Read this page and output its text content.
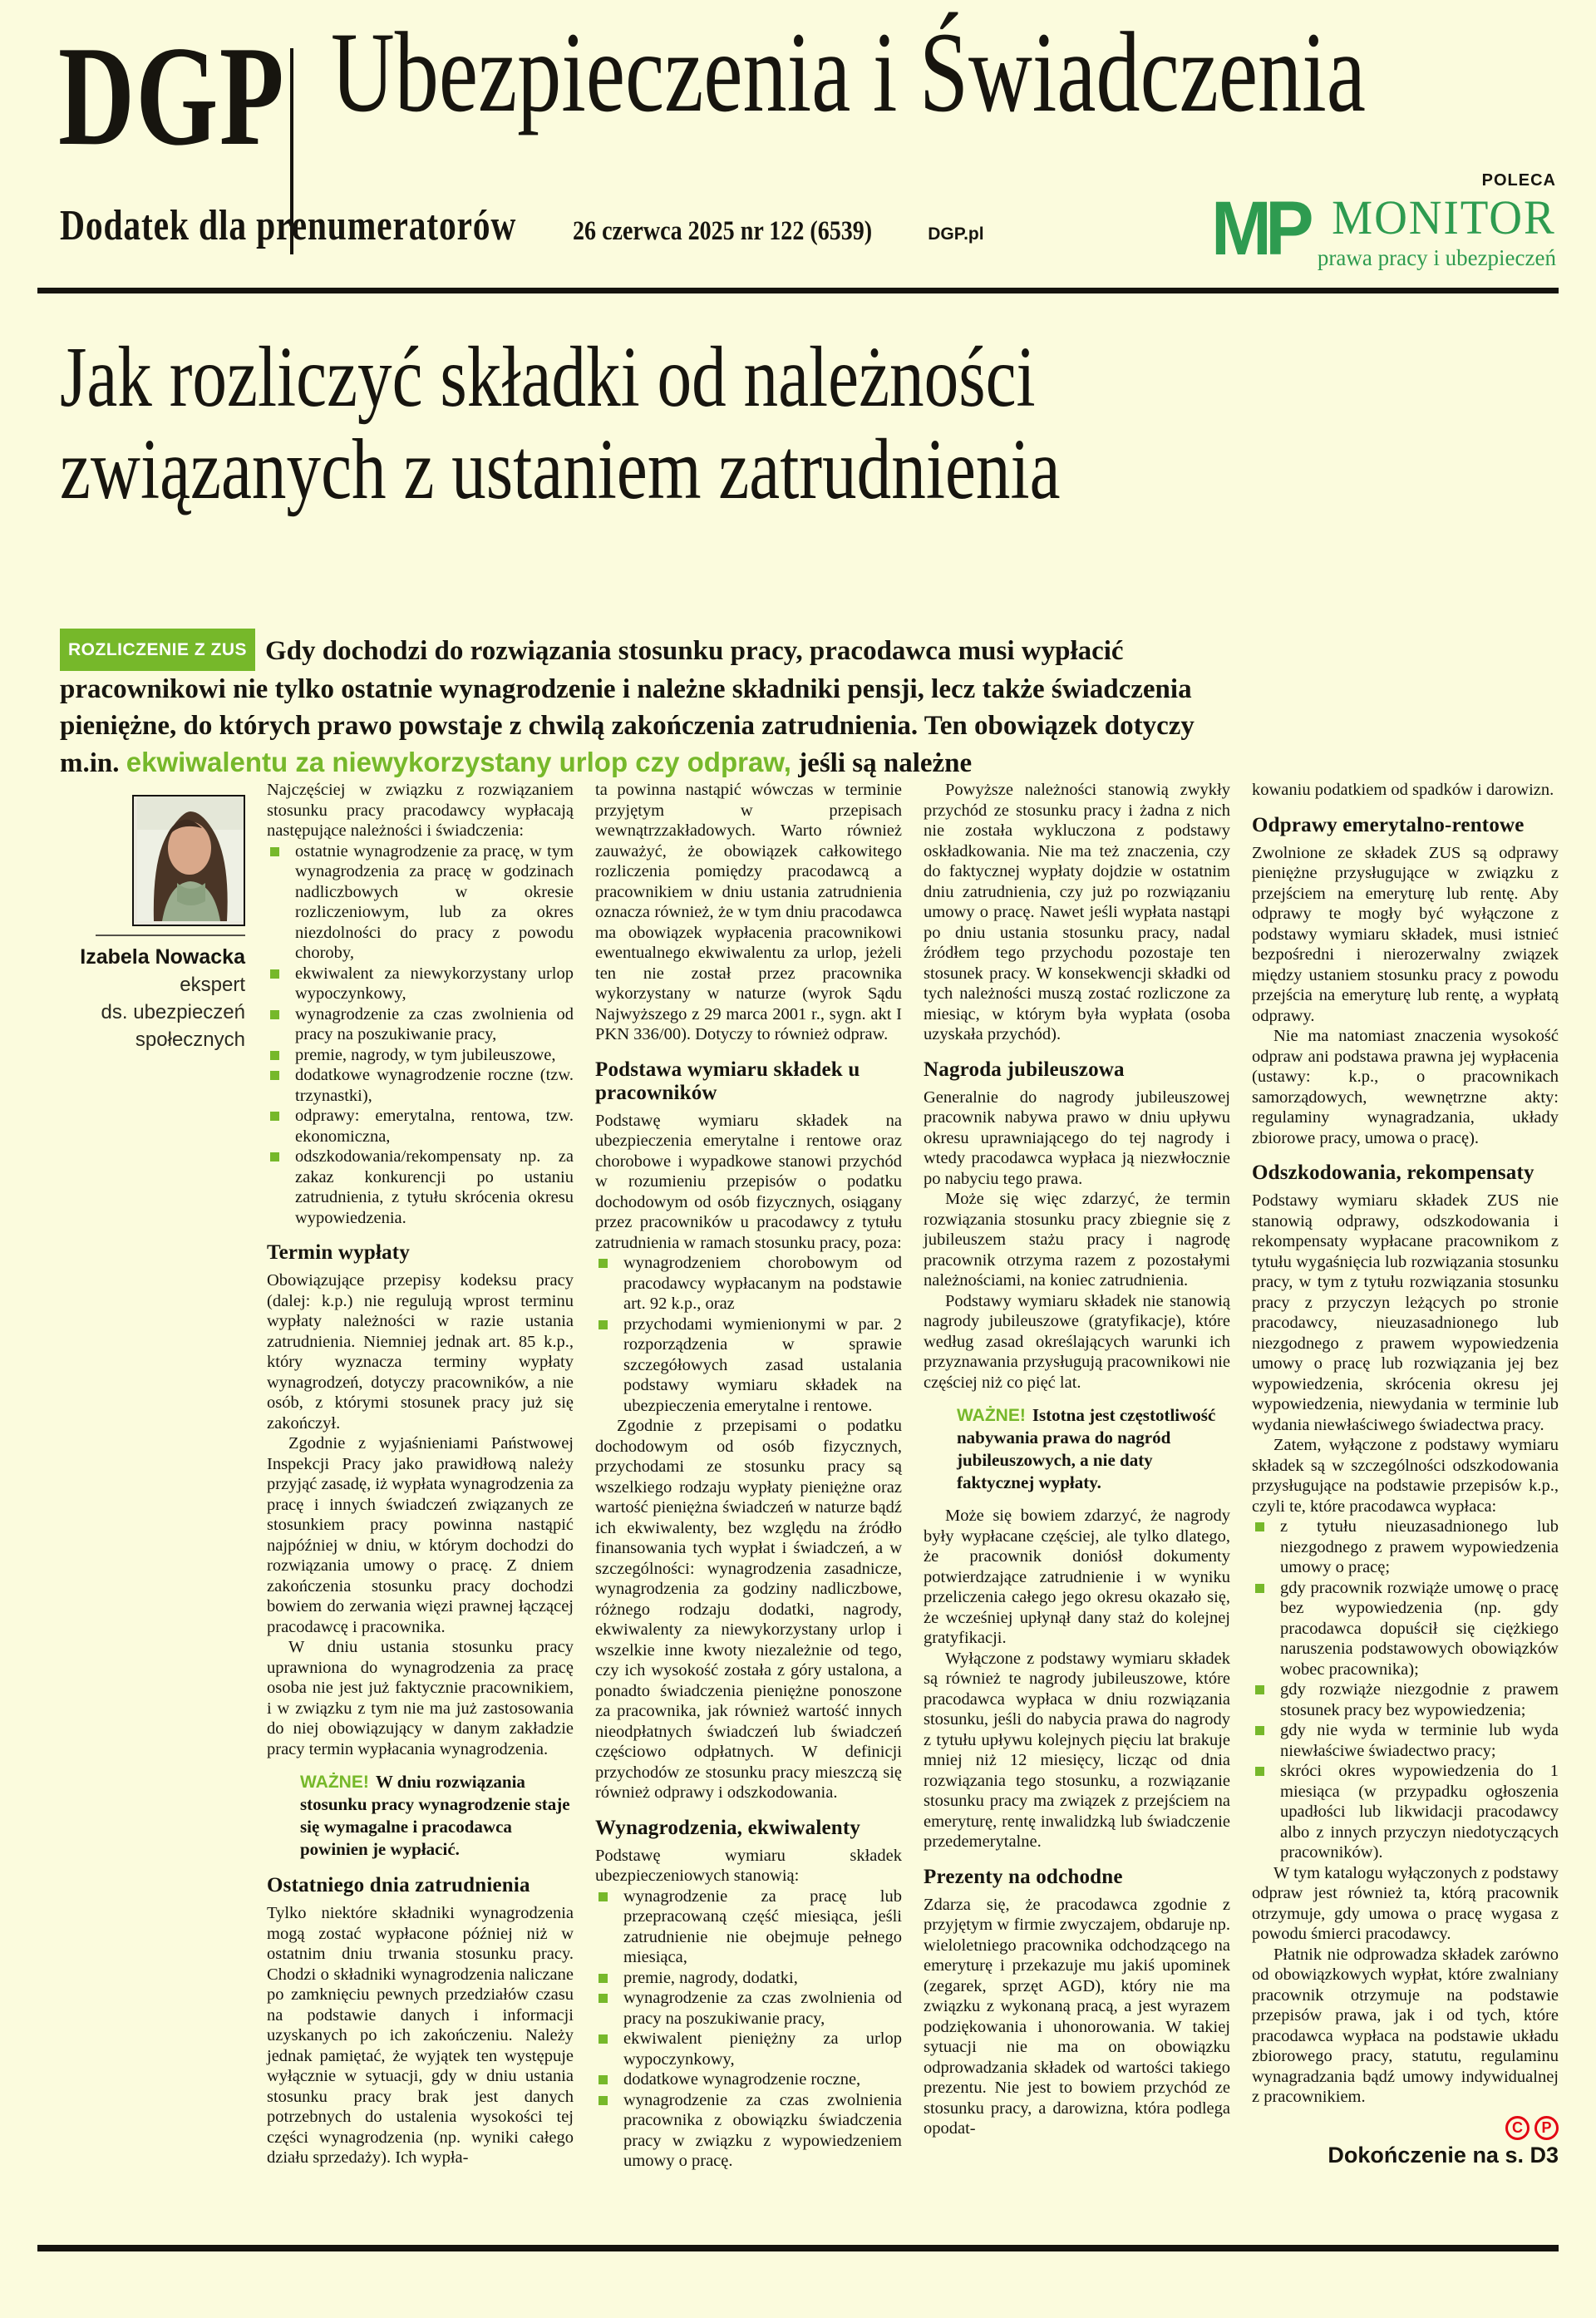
DGP Ubezpieczenia i Świadczenia
Dodatek dla prenumeratorów 26 czerwca 2025 nr 122 (6539)	DGP.pl
POLECA
MP MONITOR
prawa pracy i ubezpieczeń
Jak rozliczyć składki od należności
związanych z ustaniem zatrudnienia
ROZLICZENIE Z ZUS Gdy dochodzi do rozwiązania stosunku pracy, pracodawca musi wypłacić pracownikowi nie tylko ostatnie wynagrodzenie i należne składniki pensji, lecz także świadczenia pieniężne, do których prawo powstaje z chwilą zakończenia zatrudnienia. Ten obowiązek dotyczy m.in. ekwiwalentu za niewykorzystany urlop czy odpraw, jeśli są należne
Izabela Nowacka
ekspert
ds. ubezpieczeń
społecznych

Najczęściej w związku z rozwiązaniem stosunku pracy pracodawcy wypłacają następujące należności i świadczenia:

ostatnie wynagrodzenie za pracę, w tym wynagrodzenia za pracę w godzinach nadliczbowych w okresie rozliczeniowym, lub za okres niezdolności do pracy z powodu choroby,
ekwiwalent za niewykorzystany urlop wypoczynkowy,
wynagrodzenie za czas zwolnienia od pracy na poszukiwanie pracy,
premie, nagrody, w tym jubileuszowe,
dodatkowe wynagrodzenie roczne (tzw. trzynastki),
odprawy: emerytalna, rentowa, tzw. ekonomiczna,
odszkodowania/rekompensaty np. za zakaz konkurencji po ustaniu zatrudnienia, z tytułu skrócenia okresu wypowiedzenia.
Termin wypłaty

Obowiązujące przepisy kodeksu pracy (dalej: k.p.) nie regulują wprost terminu wypłaty należności w razie ustania zatrudnienia. Niemniej jednak art. 85 k.p., który wyznacza terminy wypłaty wynagrodzeń, dotyczy pracowników, a nie osób, z którymi stosunek pracy już się zakończył.

Zgodnie z wyjaśnieniami Państwowej Inspekcji Pracy jako prawidłową należy przyjąć zasadę, iż wypłata wynagrodzenia za pracę i innych świadczeń związanych ze stosunkiem pracy powinna nastąpić najpóźniej w dniu, w którym dochodzi do rozwiązania umowy o pracę. Z dniem zakończenia stosunku pracy dochodzi bowiem do zerwania więzi prawnej łączącej pracodawcę i pracownika.

W dniu ustania stosunku pracy uprawniona do wynagrodzenia za pracę osoba nie jest już faktycznie pracownikiem, i w związku z tym nie ma już zastosowania do niej obowiązujący w danym zakładzie pracy termin wypłacania wynagrodzenia.

WAŻNE! W dniu rozwiązania stosunku pracy wynagrodzenie staje się wymagalne i pracodawca powinien je wypłacić.
Ostatniego dnia zatrudnienia

Tylko niektóre składniki wynagrodzenia mogą zostać wypłacone później niż w ostatnim dniu trwania stosunku pracy. Chodzi o składniki wynagrodzenia naliczane po zamknięciu pewnych przedziałów czasu na podstawie danych i informacji uzyskanych po ich zakończeniu. Należy jednak pamiętać, że wyjątek ten występuje wyłącznie w sytuacji, gdy w dniu ustania stosunku pracy brak jest danych potrzebnych do ustalenia wysokości tej części wynagrodzenia (np. wyniki całego działu sprzedaży). Ich wypła-

ta powinna nastąpić wówczas w terminie przyjętym w przepisach wewnątrzzakładowych. Warto również zauważyć, że obowiązek całkowitego rozliczenia pomiędzy pracodawcą a pracownikiem w dniu ustania zatrudnienia oznacza również, że w tym dniu pracodawca ma obowiązek wypłacenia pracownikowi ewentualnego ekwiwalentu za urlop, jeżeli ten nie został przez pracownika wykorzystany w naturze (wyrok Sądu Najwyższego z 29 marca 2001 r., sygn. akt I PKN 336/00). Dotyczy to również odpraw.

Podstawa wymiaru składek u pracowników

Podstawę wymiaru składek na ubezpieczenia emerytalne i rentowe oraz chorobowe i wypadkowe stanowi przychód w rozumieniu przepisów o podatku dochodowym od osób fizycznych, osiągany przez pracowników u pracodawcy z tytułu zatrudnienia w ramach stosunku pracy, poza:

wynagrodzeniem chorobowym od pracodawcy wypłacanym na podstawie art. 92 k.p., oraz
przychodami wymienionymi w par. 2 rozporządzenia w sprawie szczegółowych zasad ustalania podstawy wymiaru składek na ubezpieczenia emerytalne i rentowe.

Zgodnie z przepisami o podatku dochodowym od osób fizycznych, przychodami ze stosunku pracy są wszelkiego rodzaju wypłaty pieniężne oraz wartość pieniężna świadczeń w naturze bądź ich ekwiwalenty, bez względu na źródło finansowania tych wypłat i świadczeń, a w szczególności: wynagrodzenia zasadnicze, wynagrodzenia za godziny nadliczbowe, różnego rodzaju dodatki, nagrody, ekwiwalenty za niewykorzystany urlop i wszelkie inne kwoty niezależnie od tego, czy ich wysokość została z góry ustalona, a ponadto świadczenia pieniężne ponoszone za pracownika, jak również wartość innych nieodpłatnych świadczeń lub świadczeń częściowo odpłatnych. W definicji przychodów ze stosunku pracy mieszczą się również odprawy i odszkodowania.

Wynagrodzenia, ekwiwalenty

Podstawę wymiaru składek ubezpieczeniowych stanowią:

wynagrodzenie za pracę lub przepracowaną część miesiąca, jeśli zatrudnienie nie obejmuje pełnego miesiąca,
premie, nagrody, dodatki,
wynagrodzenie za czas zwolnienia od pracy na poszukiwanie pracy,
ekwiwalent pieniężny za urlop wypoczynkowy,
dodatkowe wynagrodzenie roczne,
wynagrodzenie za czas zwolnienia pracownika z obowiązku świadczenia pracy w związku z wypowiedzeniem umowy o pracę.

Powyższe należności stanowią zwykły przychód ze stosunku pracy i żadna z nich nie została wykluczona z podstawy oskładkowania. Nie ma też znaczenia, czy do faktycznej wypłaty dojdzie w ostatnim dniu zatrudnienia, czy już po rozwiązaniu umowy o pracę. Nawet jeśli wypłata nastąpi po dniu ustania stosunku pracy, nadal źródłem tego przychodu pozostaje ten stosunek pracy. W konsekwencji składki od tych należności muszą zostać rozliczone za miesiąc, w którym była wypłata (osoba uzyskała przychód).

Nagroda jubileuszowa

Generalnie do nagrody jubileuszowej pracownik nabywa prawo w dniu upływu okresu uprawniającego do tej nagrody i wtedy pracodawca wypłaca ją niezwłocznie po nabyciu tego prawa.

Może się więc zdarzyć, że termin rozwiązania stosunku pracy zbiegnie się z jubileuszem stażu pracy i nagrodę pracownik otrzyma razem z pozostałymi należnościami, na koniec zatrudnienia.

Podstawy wymiaru składek nie stanowią nagrody jubileuszowe (gratyfikacje), które według zasad określających warunki ich przyznawania przysługują pracownikowi nie częściej niż co pięć lat.

WAŻNE! Istotna jest częstotliwość nabywania prawa do nagród jubileuszowych, a nie daty faktycznej wypłaty.

Może się bowiem zdarzyć, że nagrody były wypłacane częściej, ale tylko dlatego, że pracownik doniósł dokumenty potwierdzające zatrudnienie i w wyniku przeliczenia całego jego okresu okazało się, że wcześniej upłynął dany staż do kolejnej gratyfikacji.

Wyłączone z podstawy wymiaru składek są również te nagrody jubileuszowe, które pracodawca wypłaca w dniu rozwiązania stosunku, jeśli do nabycia prawa do nagrody z tytułu upływu kolejnych pięciu lat brakuje mniej niż 12 miesięcy, licząc od dnia rozwiązania tego stosunku, a rozwiązanie stosunku pracy ma związek z przejściem na emeryturę, rentę inwalidzką lub świadczenie przedemerytalne.

Prezenty na odchodne

Zdarza się, że pracodawca zgodnie z przyjętym w firmie zwyczajem, obdaruje np. wieloletniego pracownika odchodzącego na emeryturę i przekazuje mu jakiś upominek (zegarek, sprzęt AGD), który nie ma związku z wykonaną pracą, a jest wyrazem podziękowania i uhonorowania. W takiej sytuacji nie ma on obowiązku odprowadzania składek od wartości takiego prezentu. Nie jest to bowiem przychód ze stosunku pracy, a darowizna, która podlega opodat-

kowaniu podatkiem od spadków i darowizn.

Odprawy emerytalno-rentowe

Zwolnione ze składek ZUS są odprawy pieniężne przysługujące w związku z przejściem na emeryturę lub rentę. Aby odprawy te mogły być wyłączone z podstawy wymiaru składek, musi istnieć bezpośredni i nierozerwalny związek między ustaniem stosunku pracy z powodu przejścia na emeryturę lub rentę, a wypłatą odprawy.

Nie ma natomiast znaczenia wysokość odpraw ani podstawa prawna jej wypłacenia (ustawy: k.p., o pracownikach samorządowych, wewnętrzne akty: regulaminy wynagradzania, układy zbiorowe pracy, umowa o pracę).

Odszkodowania, rekompensaty

Podstawy wymiaru składek ZUS nie stanowią odprawy, odszkodowania i rekompensaty wypłacane pracownikom z tytułu wygaśnięcia lub rozwiązania stosunku pracy, w tym z tytułu rozwiązania stosunku pracy z przyczyn leżących po stronie pracodawcy, nieuzasadnionego lub niezgodnego z prawem wypowiedzenia umowy o pracę lub rozwiązania jej bez wypowiedzenia, skrócenia okresu jej wypowiedzenia, niewydania w terminie lub wydania niewłaściwego świadectwa pracy.

Zatem, wyłączone z podstawy wymiaru składek są w szczególności odszkodowania przysługujące na podstawie przepisów k.p., czyli te, które pracodawca wypłaca:

z tytułu nieuzasadnionego lub niezgodnego z prawem wypowiedzenia umowy o pracę;
gdy pracownik rozwiąże umowę o pracę bez wypowiedzenia (np. gdy pracodawca dopuścił się ciężkiego naruszenia podstawowych obowiązków wobec pracownika);
gdy rozwiąże niezgodnie z prawem stosunek pracy bez wypowiedzenia;
gdy nie wyda w terminie lub wyda niewłaściwe świadectwo pracy;
skróci okres wypowiedzenia do 1 miesiąca (w przypadku ogłoszenia upadłości lub likwidacji pracodawcy albo z innych przyczyn niedotyczących pracowników).

W tym katalogu wyłączonych z podstawy odpraw jest również ta, którą pracownik otrzymuje, gdy umowa o pracę wygasa z powodu śmierci pracodawcy.

Płatnik nie odprowadza składek zarówno od obowiązkowych wypłat, które zwalniany pracownik otrzymuje na podstawie przepisów prawa, jak i od tych, które pracodawca wypłaca na podstawie układu zbiorowego pracy, statutu, regulaminu wynagradzania bądź umowy indywidualnej z pracownikiem.

C	P
Dokończenie na s. D3
